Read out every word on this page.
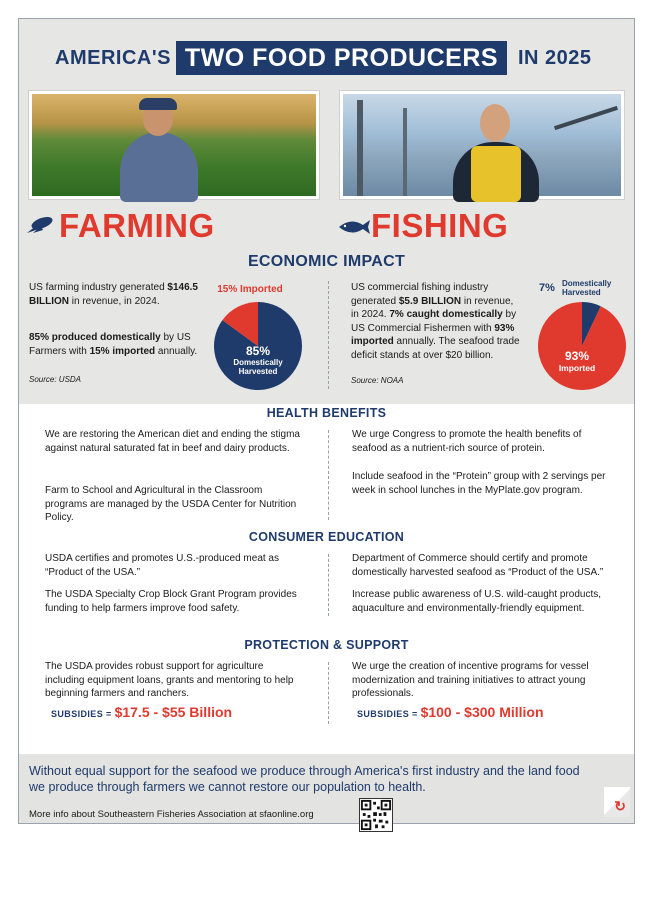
AMERICA'S TWO FOOD PRODUCERS IN 2025
FARMING	FISHING
ECONOMIC IMPACT
US farming industry generated $146.5 BILLION in revenue, in 2024.
85% produced domestically by US Farmers with 15% imported annually.
Source: USDA
15% Imported
85%
Domestically
Harvested
US commercial fishing industry generated $5.9 BILLION in revenue, in 2024. 7% caught domestically by US Commercial Fishermen with 93% imported annually. The seafood trade deficit stands at over $20 billion.
Source: NOAA
7% Domestically
Harvested
93%
Imported
HEALTH BENEFITS
We are restoring the American diet and ending the stigma against natural saturated fat in beef and dairy products.
Farm to School and Agricultural in the Classroom programs are managed by the USDA Center for Nutrition Policy.
We urge Congress to promote the health benefits of seafood as a nutrient-rich source of protein.
Include seafood in the “Protein” group with 2 servings per week in school lunches in the MyPlate.gov program.
CONSUMER EDUCATION
USDA certifies and promotes U.S.-produced meat as “Product of the USA.”
The USDA Specialty Crop Block Grant Program provides funding to help farmers improve food safety.
Department of Commerce should certify and promote domestically harvested seafood as “Product of the USA.”
Increase public awareness of U.S. wild-caught products, aquaculture and environmentally-friendly equipment.
PROTECTION & SUPPORT
The USDA provides robust support for agriculture including equipment loans, grants and mentoring to help beginning farmers and ranchers.
SUBSIDIES = $17.5 - $55 Billion
We urge the creation of incentive programs for vessel modernization and training initiatives to attract young professionals.
SUBSIDIES = $100 - $300 Million
Without equal support for the seafood we produce through America's first industry and the land food we produce through farmers we cannot restore our population to health.
More info about Southeastern Fisheries Association at sfaonline.org
↻
